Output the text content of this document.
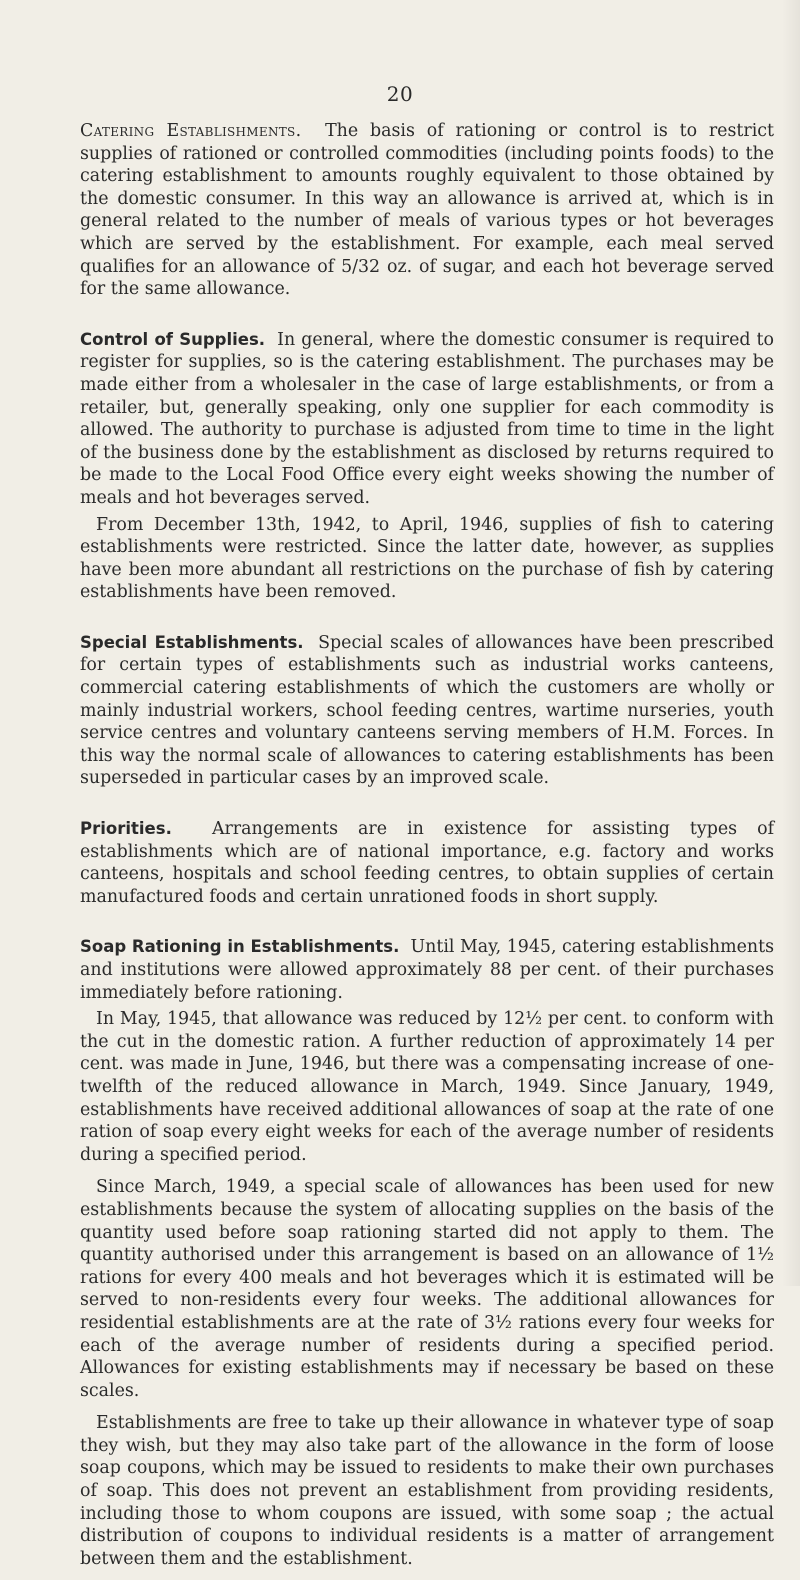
20

Catering Establishments. The basis of rationing or control is to restrict supplies of rationed or controlled commodities (including points foods) to the catering establishment to amounts roughly equivalent to those obtained by the domestic consumer. In this way an allowance is arrived at, which is in general related to the number of meals of various types or hot beverages which are served by the establishment. For example, each meal served qualifies for an allowance of 5/32 oz. of sugar, and each hot beverage served for the same allowance.

Control of Supplies. In general, where the domestic consumer is required to register for supplies, so is the catering establishment. The purchases may be made either from a wholesaler in the case of large establishments, or from a retailer, but, generally speaking, only one supplier for each commodity is allowed. The authority to purchase is adjusted from time to time in the light of the business done by the establishment as disclosed by returns required to be made to the Local Food Office every eight weeks showing the number of meals and hot beverages served.

From December 13th, 1942, to April, 1946, supplies of fish to catering establishments were restricted. Since the latter date, however, as supplies have been more abundant all restrictions on the purchase of fish by catering establishments have been removed.

Special Establishments. Special scales of allowances have been prescribed for certain types of establishments such as industrial works canteens, commercial catering establishments of which the customers are wholly or mainly industrial workers, school feeding centres, wartime nurseries, youth service centres and voluntary canteens serving members of H.M. Forces. In this way the normal scale of allowances to catering establishments has been superseded in particular cases by an improved scale.

Priorities. Arrangements are in existence for assisting types of establishments which are of national importance, e.g. factory and works canteens, hospitals and school feeding centres, to obtain supplies of certain manufactured foods and certain unrationed foods in short supply.

Soap Rationing in Establishments. Until May, 1945, catering establishments and institutions were allowed approximately 88 per cent. of their purchases immediately before rationing.

In May, 1945, that allowance was reduced by 12½ per cent. to conform with the cut in the domestic ration. A further reduction of approximately 14 per cent. was made in June, 1946, but there was a compensating increase of one-twelfth of the reduced allowance in March, 1949. Since January, 1949, establishments have received additional allowances of soap at the rate of one ration of soap every eight weeks for each of the average number of residents during a specified period.

Since March, 1949, a special scale of allowances has been used for new establishments because the system of allocating supplies on the basis of the quantity used before soap rationing started did not apply to them. The quantity authorised under this arrangement is based on an allowance of 1½ rations for every 400 meals and hot beverages which it is estimated will be served to non-residents every four weeks. The additional allowances for residential establishments are at the rate of 3½ rations every four weeks for each of the average number of residents during a specified period. Allowances for existing establishments may if necessary be based on these scales.

Establishments are free to take up their allowance in whatever type of soap they wish, but they may also take part of the allowance in the form of loose soap coupons, which may be issued to residents to make their own purchases of soap. This does not prevent an establishment from providing residents, including those to whom coupons are issued, with some soap ; the actual distribution of coupons to individual residents is a matter of arrangement between them and the establishment.
